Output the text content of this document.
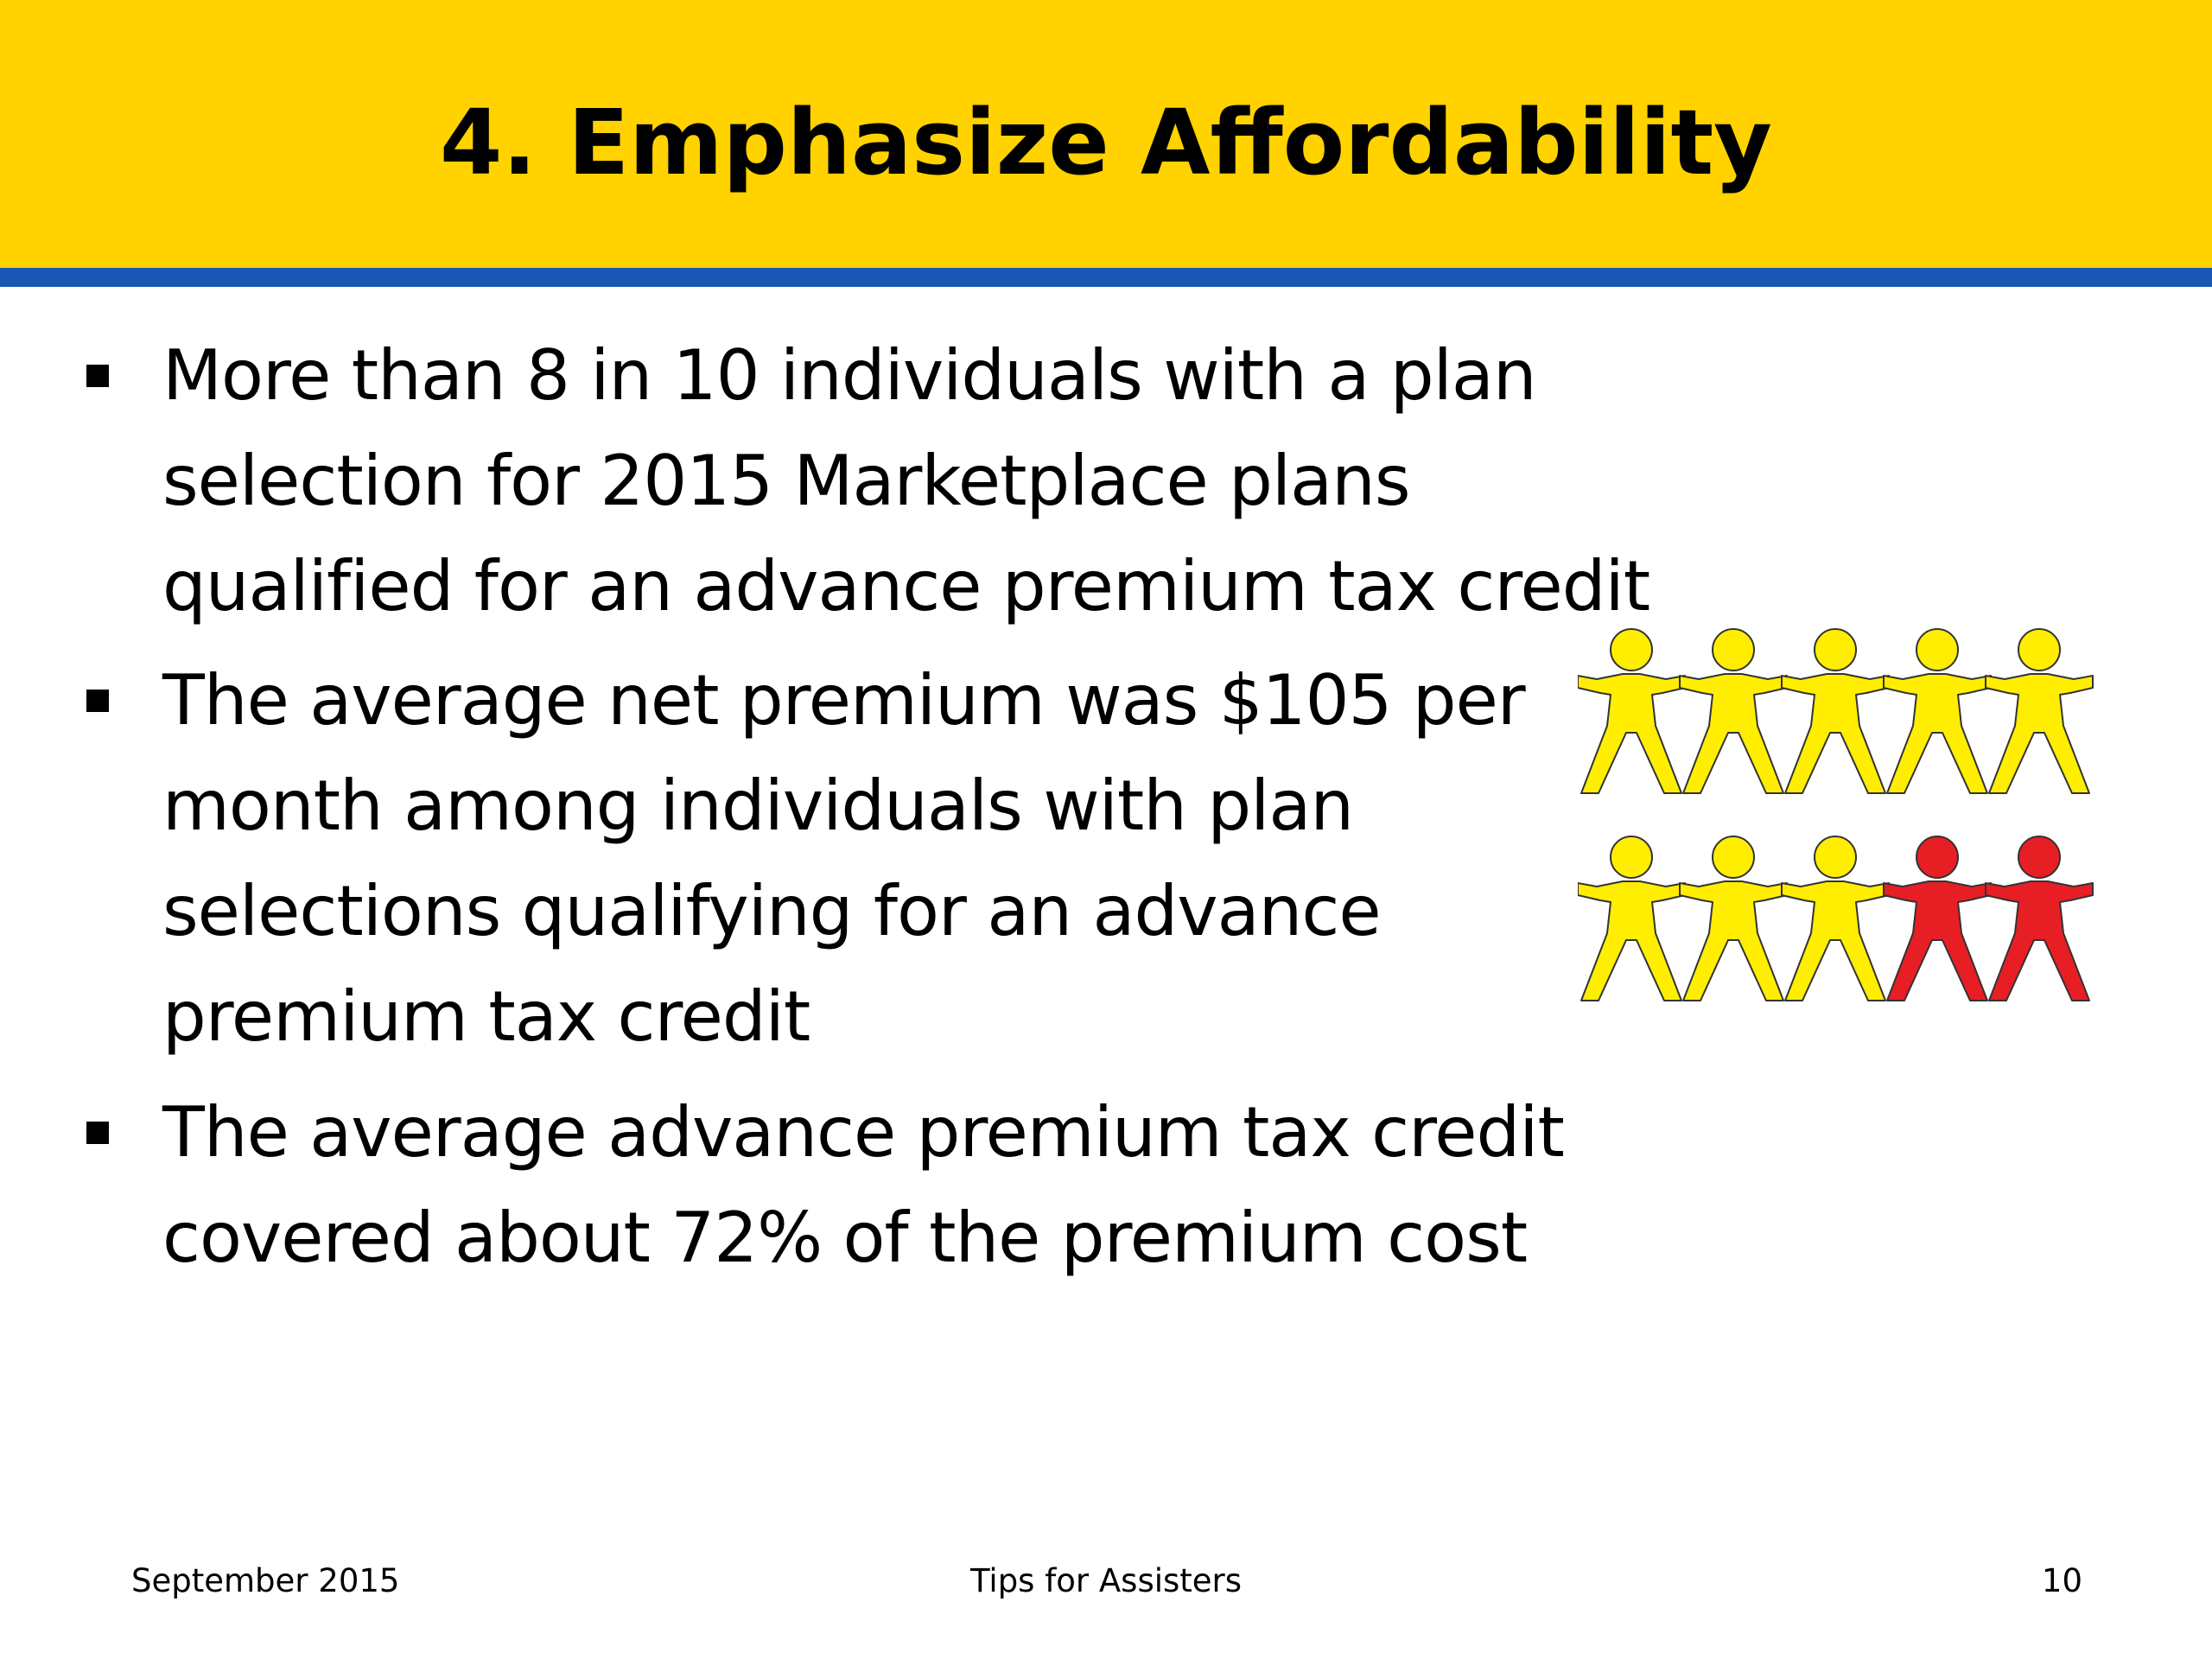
4. Emphasize Affordability
More than 8 in 10 individuals with a plan
selection for 2015 Marketplace plans
qualified for an advance premium tax credit
The average net premium was $105 per
month among individuals with plan
selections qualifying for an advance
premium tax credit
The average advance premium tax credit
covered about 72% of the premium cost
September 2015	Tips for Assisters	10
